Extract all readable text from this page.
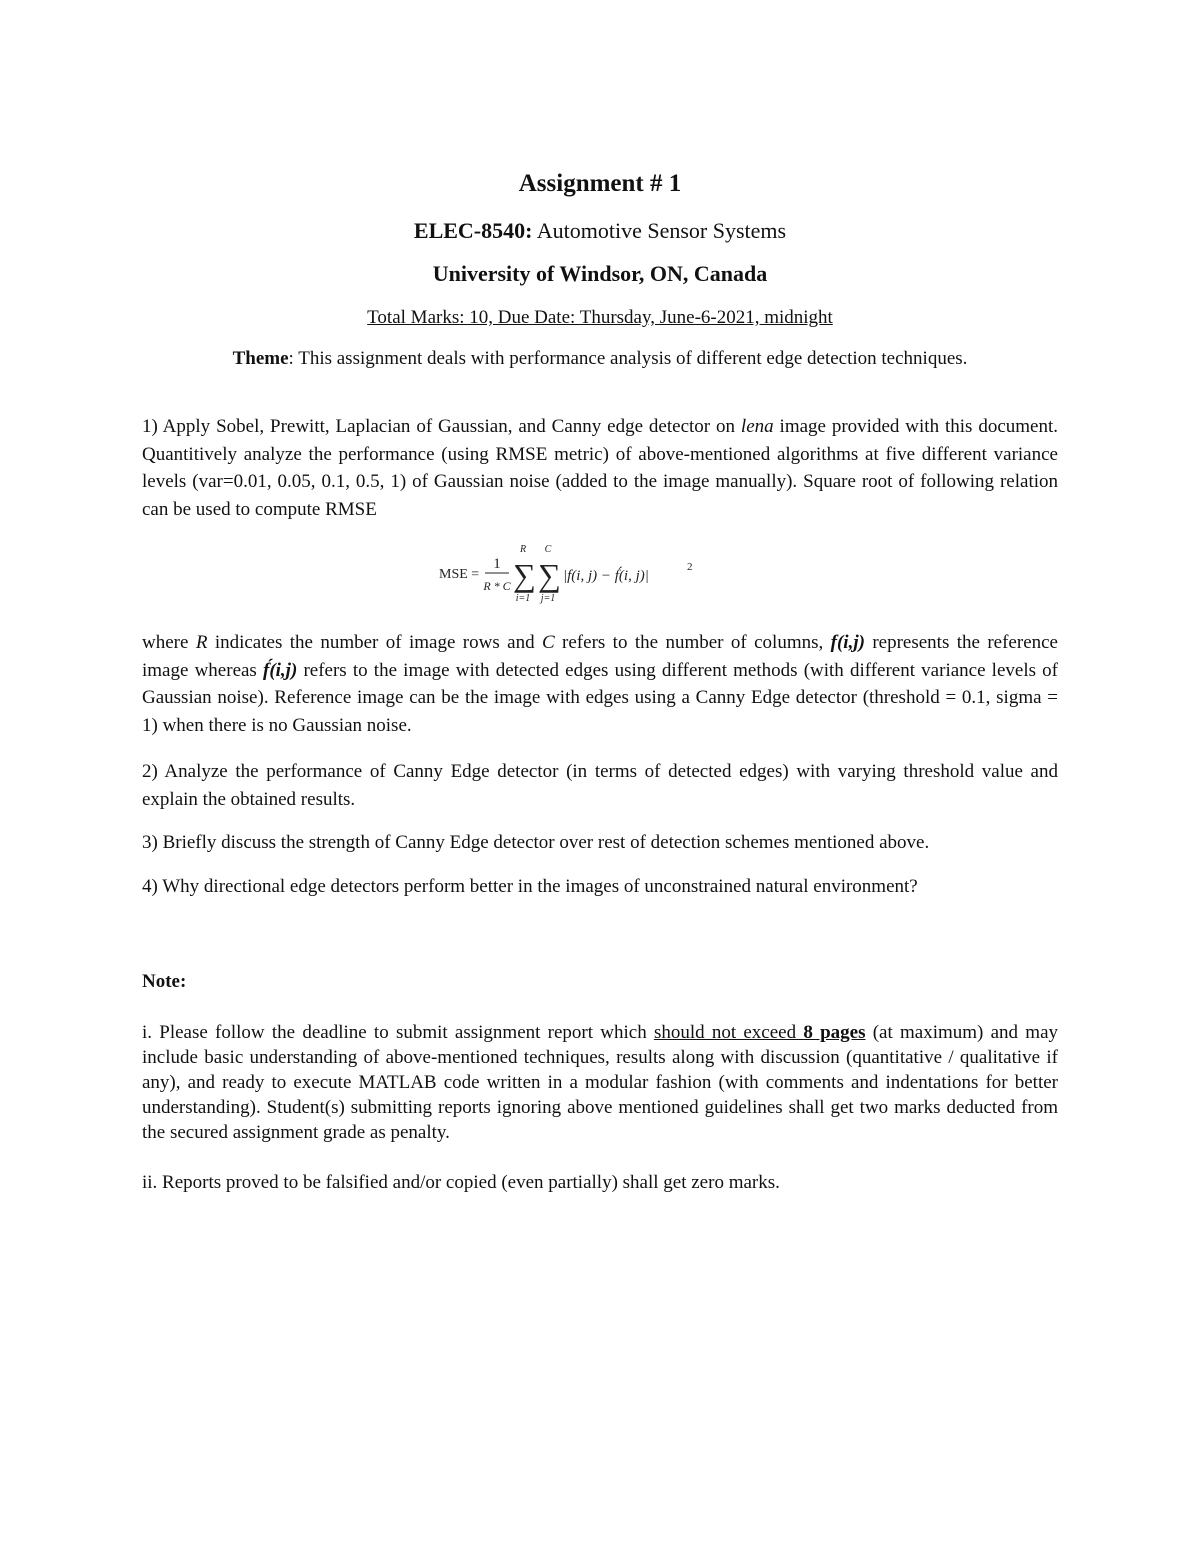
Assignment # 1
ELEC-8540: Automotive Sensor Systems
University of Windsor, ON, Canada
Total Marks: 10, Due Date: Thursday, June-6-2021, midnight
Theme: This assignment deals with performance analysis of different edge detection techniques.
1) Apply Sobel, Prewitt, Laplacian of Gaussian, and Canny edge detector on lena image provided with this document. Quantitively analyze the performance (using RMSE metric) of above-mentioned algorithms at five different variance levels (var=0.01, 0.05, 0.1, 0.5, 1) of Gaussian noise (added to the image manually). Square root of following relation can be used to compute RMSE
MSE =
1
R * C ∑
R
i=1
∑
C
j=1
|f(i, j) − f́(i, j)|
2
where R indicates the number of image rows and C refers to the number of columns, f(i,j) represents the reference image whereas f́(i,j) refers to the image with detected edges using different methods (with different variance levels of Gaussian noise). Reference image can be the image with edges using a Canny Edge detector (threshold = 0.1, sigma = 1) when there is no Gaussian noise.
2) Analyze the performance of Canny Edge detector (in terms of detected edges) with varying threshold value and explain the obtained results.
3) Briefly discuss the strength of Canny Edge detector over rest of detection schemes mentioned above.
4) Why directional edge detectors perform better in the images of unconstrained natural environment?
Note:
i. Please follow the deadline to submit assignment report which should not exceed 8 pages (at maximum) and may include basic understanding of above-mentioned techniques, results along with discussion (quantitative / qualitative if any), and ready to execute MATLAB code written in a modular fashion (with comments and indentations for better understanding). Student(s) submitting reports ignoring above mentioned guidelines shall get two marks deducted from the secured assignment grade as penalty.
ii. Reports proved to be falsified and/or copied (even partially) shall get zero marks.
